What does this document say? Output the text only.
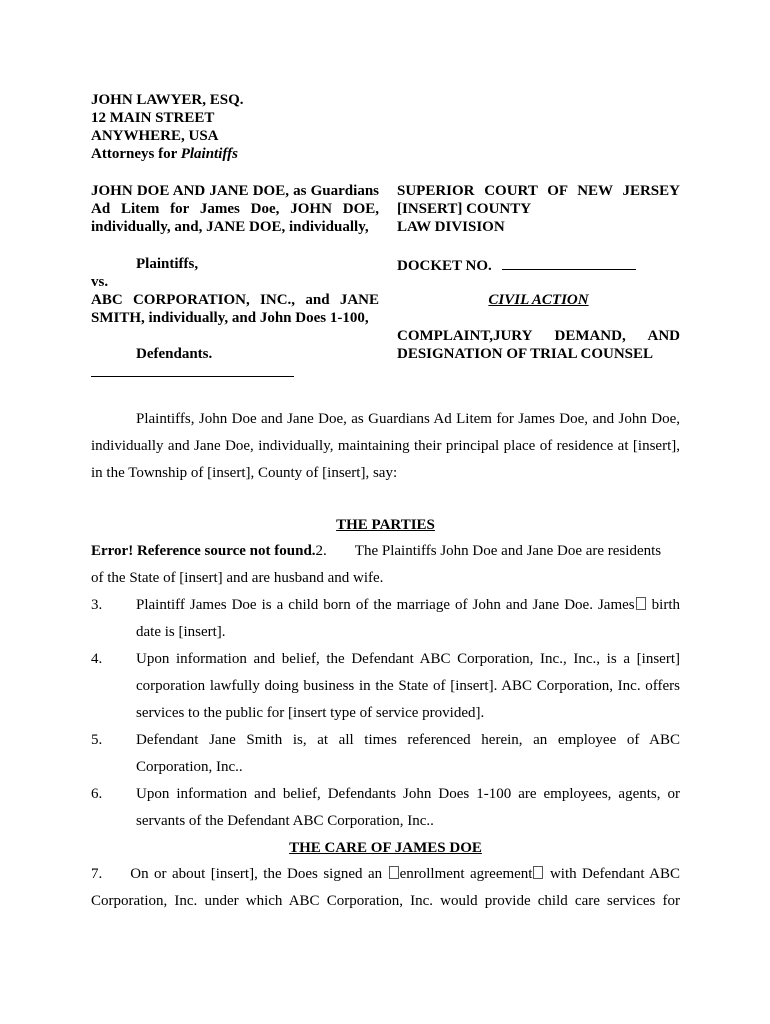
JOHN LAWYER, ESQ.
12 MAIN STREET
ANYWHERE, USA
Attorneys for Plaintiffs
JOHN DOE AND JANE DOE, as Guardians
Ad Litem for James Doe, JOHN DOE,
individually, and, JANE DOE, individually,
Plaintiffs,
vs.
ABC CORPORATION, INC., and JANE
SMITH, individually, and John Does 1-100,
Defendants.
SUPERIOR COURT OF NEW JERSEY
[INSERT] COUNTY
LAW DIVISION
DOCKET NO.
CIVIL ACTION
COMPLAINT,JURY DEMAND, AND
DESIGNATION OF TRIAL COUNSEL
Plaintiffs, John Doe and Jane Doe, as Guardians Ad Litem for James Doe, and John Doe,
individually and Jane Doe, individually, maintaining their principal place of residence at [insert],
in the Township of [insert], County of [insert], say:
THE PARTIES
Error! Reference source not found.2. The Plaintiffs John Doe and Jane Doe are residents
of the State of [insert] and are husband and wife.
3. Plaintiff James Doe is a child born of the marriage of John and Jane Doe. James birth
date is [insert].
4. Upon information and belief, the Defendant ABC Corporation, Inc., Inc., is a [insert]
corporation lawfully doing business in the State of [insert]. ABC Corporation, Inc. offers
services to the public for [insert type of service provided].
5. Defendant Jane Smith is, at all times referenced herein, an employee of ABC
Corporation, Inc..
6. Upon information and belief, Defendants John Does 1-100 are employees, agents, or
servants of the Defendant ABC Corporation, Inc..
THE CARE OF JAMES DOE
7. On or about [insert], the Does signed an enrollment agreement with Defendant ABC
Corporation, Inc. under which ABC Corporation, Inc. would provide child care services for
